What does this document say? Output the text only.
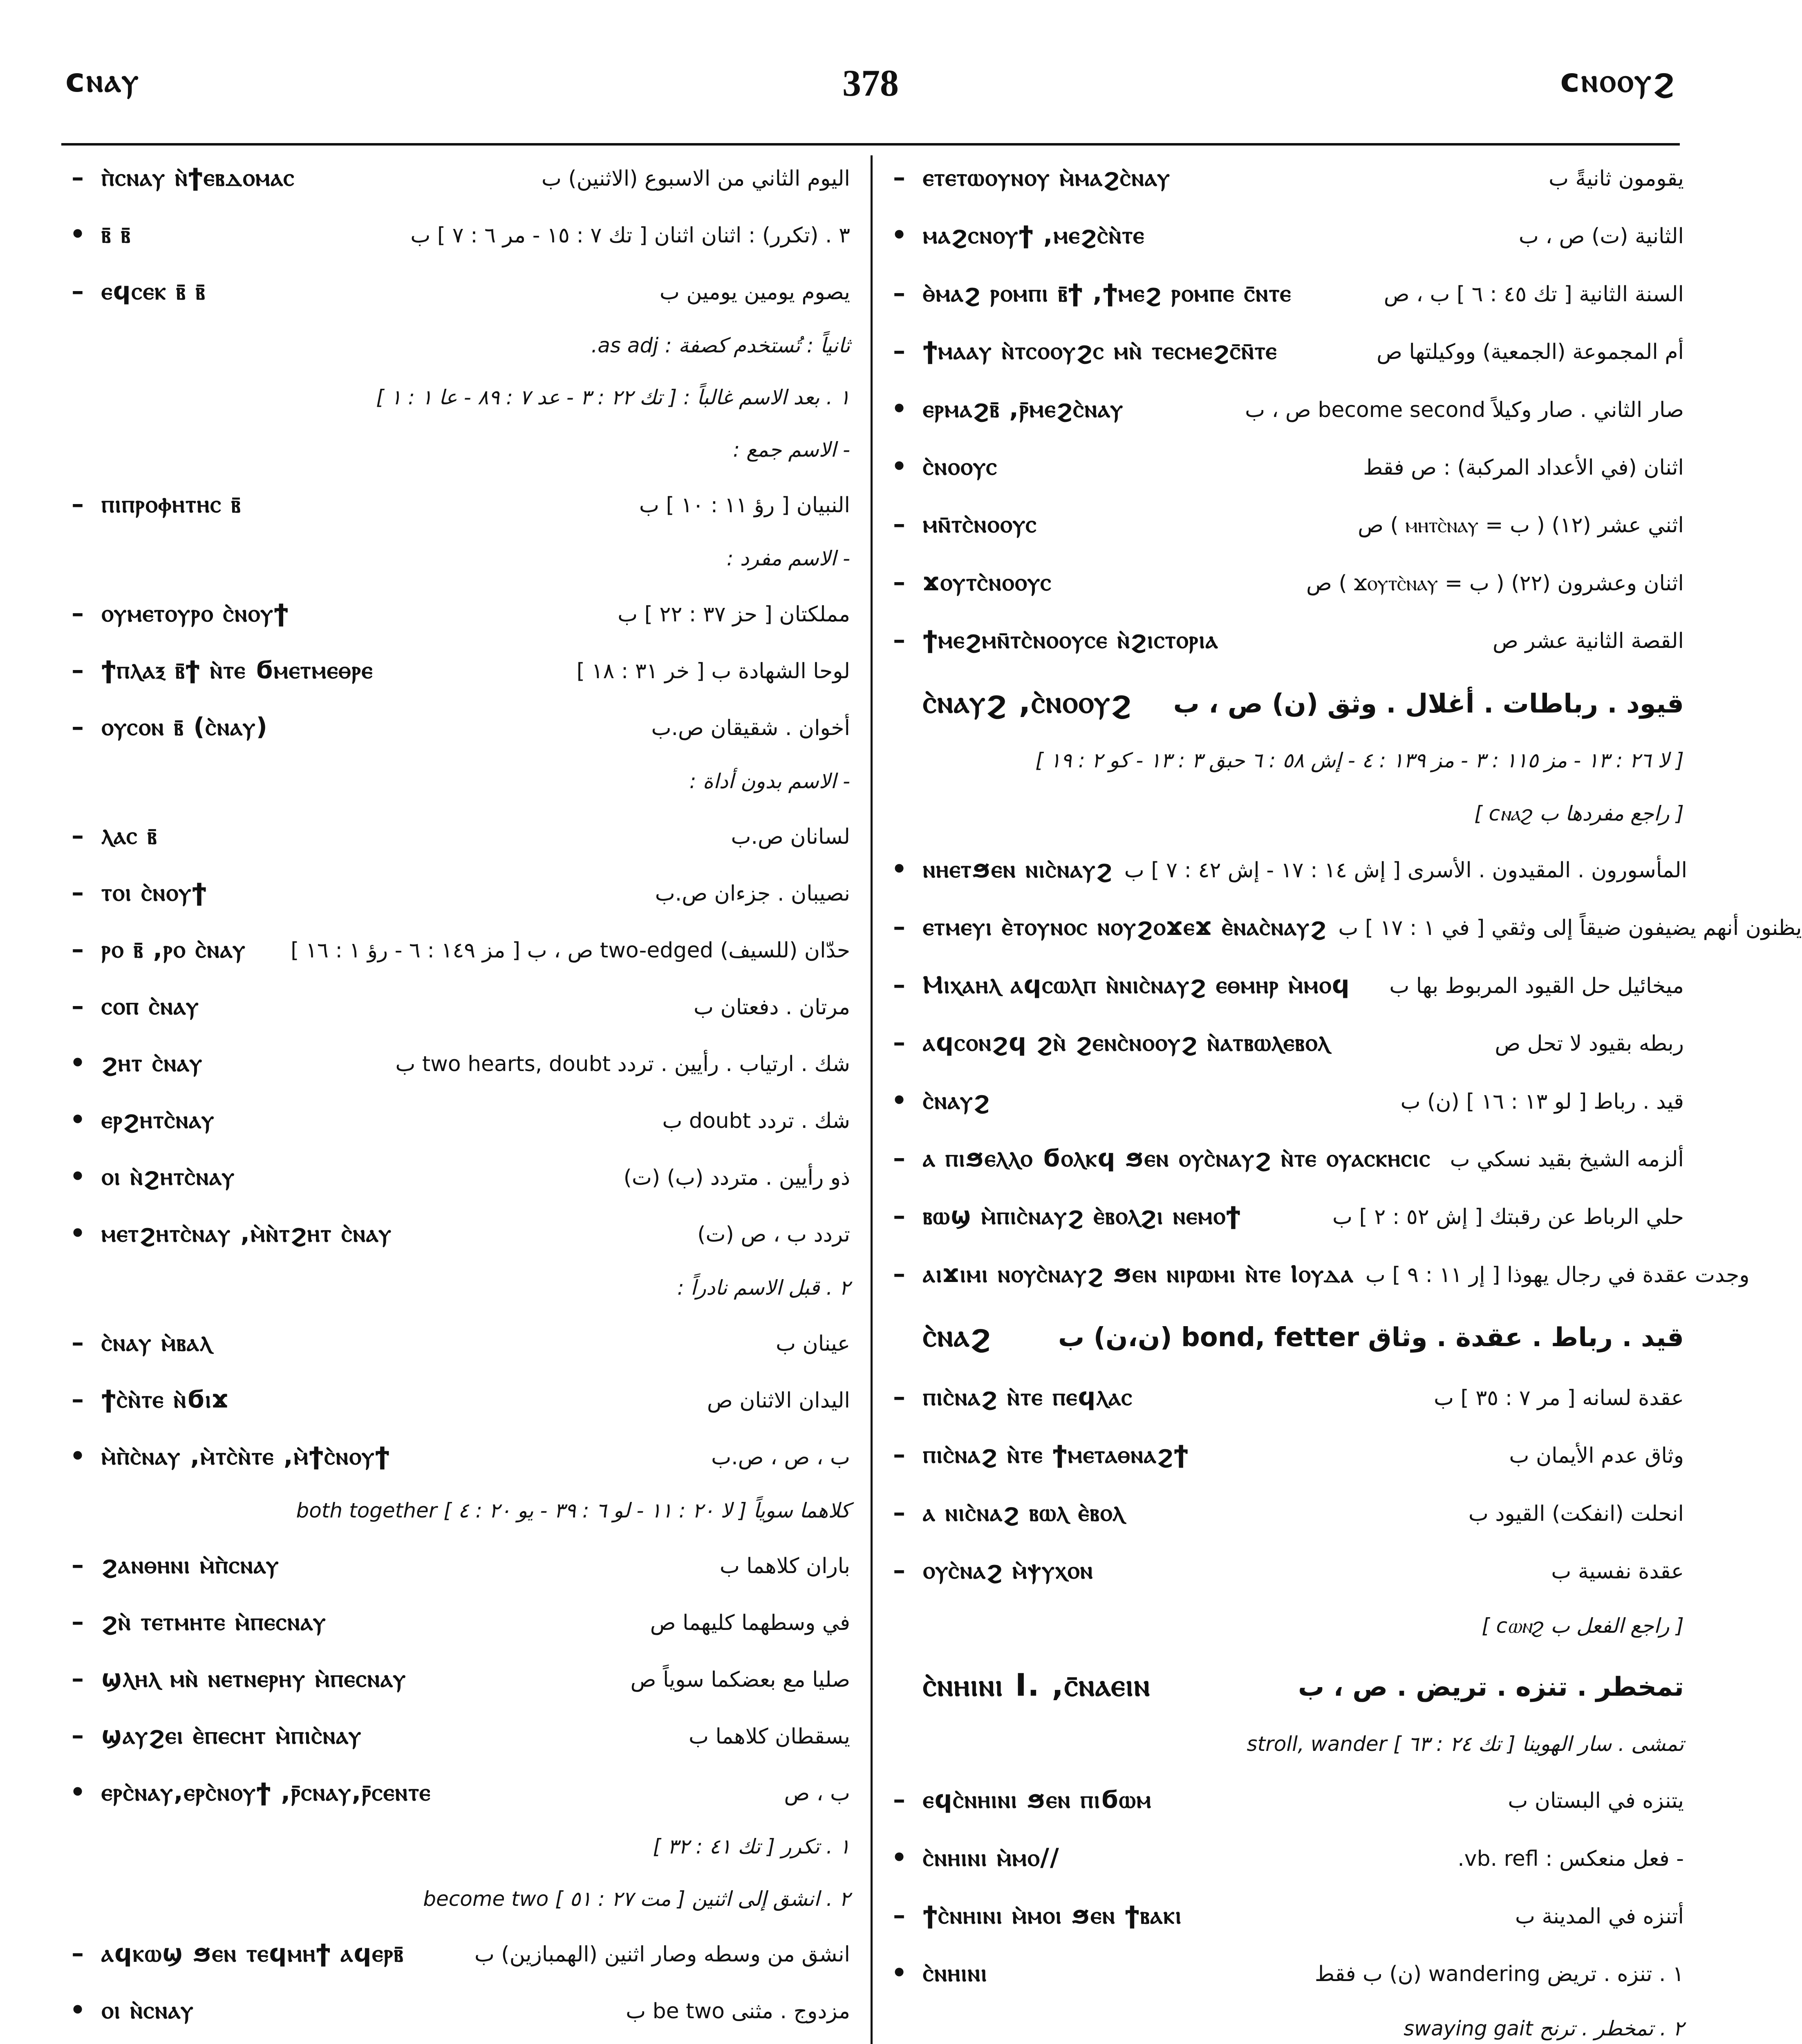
ϲⲛⲁⲩ	378	ϲⲛⲟⲟⲩϩ
– ⲡ̀ⲥⲛⲁⲩ ⲛ̀ϯⲉⲃⲇⲟⲙⲁⲥ	اليوم الثاني من الاسبوع (الاثنين) ب
• ⲃ̄ ⲃ̄	٣ . (تكرر) : اثنان اثنان [ تك ٧ : ١٥ - مر ٦ : ٧ ] ب
– ⲉϥⲥⲉⲕ ⲃ̄ ⲃ̄	يصوم يومين يومين ب
ثانياً : تُستخدم كصفة : as adj.
١ . بعد الاسم غالباً : [ تك ٢٢ : ٣ - عد ٧ : ٨٩ - عا ١ : ١ ]
- الاسم جمع :
– ⲡⲓⲡⲣⲟⲫⲏⲧⲏⲥ ⲃ̄	النبيان [ رؤ ١١ : ١٠ ] ب
- الاسم مفرد :
– ⲟⲩⲙⲉⲧⲟⲩⲣⲟ ⲥ̀ⲛⲟⲩϯ	مملكتان [ حز ٣٧ : ٢٢ ] ب
– ϯⲡⲗⲁⲝ ⲃ̄ϯ ⲛ̀ⲧⲉ ϭⲙⲉⲧⲙⲉⲑⲣⲉ	لوحا الشهادة ب [ خر ٣١ : ١٨ ]
– ⲟⲩⲥⲟⲛ ⲃ̄ (ⲥ̀ⲛⲁⲩ)	أخوان . شقيقان ص.ب
- الاسم بدون أداة :
– ⲗⲁⲥ ⲃ̄	لسانان ص.ب
– ⲧⲟⲓ ⲥ̀ⲛⲟⲩϯ	نصيبان . جزءان ص.ب
– ⲣⲟ ⲃ̄ ,ⲣⲟ ⲥ̀ⲛⲁⲩ	حدّان (للسيف) two-edged ص ، ب [ مز ١٤٩ : ٦ - رؤ ١ : ١٦ ]
– ⲥⲟⲡ ⲥ̀ⲛⲁⲩ	مرتان . دفعتان ب
• ϩⲏⲧ ⲥ̀ⲛⲁⲩ	شك . ارتياب . رأيين . تردد two hearts, doubt ب
• ⲉⲣϩⲏⲧⲥ̀ⲛⲁⲩ	شك . تردد doubt ب
• ⲟⲓ ⲛ̀ϩⲏⲧⲥ̀ⲛⲁⲩ	ذو رأيين . متردد (ب) (ت)
• ⲙⲉⲧϩⲏⲧⲥ̀ⲛⲁⲩ ,ⲙ̀ⲛ̀ⲧϩⲏⲧ ⲥ̀ⲛⲁⲩ	تردد ب ، ص (ت)
٢ . قبل الاسم نادراً :
– ⲥ̀ⲛⲁⲩ ⲙ̀ⲃⲁⲗ	عينان ب
– ϯⲥ̀ⲛ̀ⲧⲉ ⲛ̀ϭⲓϫ	اليدان الاثنان ص
• ⲙ̀ⲡ̀ⲥ̀ⲛⲁⲩ ,ⲙ̀ⲧⲥ̀ⲛ̀ⲧⲉ ,ⲙ̀ϯⲥ̀ⲛⲟⲩϯ	ب ، ص ، ص.ب
كلاهما سوياً [ لا ٢٠ : ١١ - لو ٦ : ٣٩ - يو ٢٠ : ٤ ] both together
– ϩⲁⲛⲑⲏⲛⲓ ⲙ̀ⲡ̀ⲥⲛⲁⲩ	باران كلاهما ب
– ϩⲛ̀ ⲧⲉⲧⲙⲏⲧⲉ ⲙ̀ⲡⲉⲥⲛⲁⲩ	في وسطهما كليهما ص
– ϣⲗⲏⲗ ⲙⲛ̀ ⲛⲉⲧⲛⲉⲣⲏⲩ ⲙ̀ⲡⲉⲥⲛⲁⲩ	صليا مع بعضكما سوياً ص
– ϣⲁⲩϩⲉⲓ ⲉ̀ⲡⲉⲥⲏⲧ ⲙ̀ⲡⲓⲥ̀ⲛⲁⲩ	يسقطان كلاهما ب
• ⲉⲣⲥ̀ⲛⲁⲩ,ⲉⲣⲥ̀ⲛⲟⲩϯ ,ⲣ̄ⲥⲛⲁⲩ,ⲣ̄ⲥⲉⲛⲧⲉ	ب ، ص
١ . تكرر [ تك ٤١ : ٣٢ ]
٢ . انشق إلى اثنين [ مت ٢٧ : ٥١ ] become two
– ⲁϥⲕⲱϣ ϧⲉⲛ ⲧⲉϥⲙⲏϯ ⲁϥⲉⲣⲃ̄	انشق من وسطه وصار اثنين (الهمبازين) ب
• ⲟⲓ ⲛ̀ⲥⲛⲁⲩ	مزدوج . مثنى be two ب
– ⲉⲧⲉⲧⲱⲟⲩⲛⲟⲩ ⲙ̀ⲙⲁϩⲥ̀ⲛⲁⲩ	يقومون ثانيةً ب
• ⲙⲁϩⲥⲛⲟⲩϯ ,ⲙⲉϩⲥ̀ⲛ̀ⲧⲉ	الثانية (ت) ص ، ب
– ⲑ̀ⲙⲁϩ ⲣⲟⲙⲡⲓ ⲃ̄ϯ ,ϯⲙⲉϩ ⲣⲟⲙⲡⲉ ⲥ̄ⲛⲧⲉ	السنة الثانية [ تك ٤٥ : ٦ ] ب ، ص
– ϯⲙⲁⲁⲩ ⲛ̀ⲧⲥⲟⲟⲩϩⲥ ⲙⲛ̀ ⲧⲉⲥⲙⲉϩⲥ̄ⲛ̄ⲧⲉ	أم المجموعة (الجمعية) ووكيلتها ص
• ⲉⲣⲙⲁϩⲃ̄ ,ⲣ̄ⲙⲉϩⲥ̀ⲛⲁⲩ	صار الثاني . صار وكيلاً become second ص ، ب
• ⲥ̀ⲛⲟⲟⲩⲥ	اثنان (في الأعداد المركبة) : ص فقط
– ⲙⲛ̄ⲧⲥ̀ⲛⲟⲟⲩⲥ	اثني عشر (١٢) ( ب = ⲙⲏⲧⲥ̀ⲛⲁⲩ ) ص
– ϫⲟⲩⲧⲥ̀ⲛⲟⲟⲩⲥ	اثنان وعشرون (٢٢) ( ب = ϫⲟⲩⲧⲥ̀ⲛⲁⲩ ) ص
– ϯⲙⲉϩⲙⲛ̄ⲧⲥ̀ⲛⲟⲟⲩⲥⲉ ⲛ̀ϩⲓⲥⲧⲟⲣⲓⲁ	القصة الثانية عشر ص
ⲥ̀ⲛⲁⲩϩ ,ⲥ̀ⲛⲟⲟⲩϩ	قيود . رباطات . أغلال . وثق (ن) ص ، ب
[ لا ٢٦ : ١٣ - مز ١١٥ : ٣ - مز ١٣٩ : ٤ - إش ٥٨ : ٦ حبق ٣ : ١٣ - كو ٢ : ١٩ ]
[ راجع مفردها ب ϲⲛⲁϩ ]
• ⲛⲏⲉⲧϧⲉⲛ ⲛⲓⲥ̀ⲛⲁⲩϩ المأسورون . المقيدون . الأسرى [ إش ١٤ : ١٧ - إش ٤٢ : ٧ ] ب
– ⲉⲧⲙⲉⲩⲓ ⲉ̀ⲧⲟⲩⲛⲟⲥ ⲛⲟⲩϩⲟϫⲉϫ ⲉ̀ⲛⲁⲥ̀ⲛⲁⲩϩ يظنون أنهم يضيفون ضيقاً إلى وثقي [ في ١ : ١٧ ] ب
– Ⲙⲓⲭⲁⲏⲗ ⲁϥⲥⲱⲗⲡ ⲛ̀ⲛⲓⲥ̀ⲛⲁⲩϩ ⲉⲑⲙⲏⲣ ⲙ̀ⲙⲟϥ	ميخائيل حل القيود المربوط بها ب
– ⲁϥⲥⲟⲛϩϥ ϩⲛ̀ ϩⲉⲛⲥ̀ⲛⲟⲟⲩϩ ⲛ̀ⲁⲧⲃⲱⲗⲉⲃⲟⲗ	ربطه بقيود لا تحل ص
• ⲥ̀ⲛⲁⲩϩ	قيد . رباط [ لو ١٣ : ١٦ ] (ن) ب
– ⲁ ⲡⲓϧⲉⲗⲗⲟ ϭⲟⲗⲕϥ ϧⲉⲛ ⲟⲩⲥ̀ⲛⲁⲩϩ ⲛ̀ⲧⲉ ⲟⲩⲁⲥⲕⲏⲥⲓⲥ ألزمه الشيخ بقيد نسكي ب
– ⲃⲱϣ ⲙ̀ⲡⲓⲥ̀ⲛⲁⲩϩ ⲉ̀ⲃⲟⲗϩⲓ ⲛⲉⲙⲟϯ	حلي الرباط عن رقبتك [ إش ٥٢ : ٢ ] ب
– ⲁⲓϫⲓⲙⲓ ⲛⲟⲩⲥ̀ⲛⲁⲩϩ ϧⲉⲛ ⲛⲓⲣⲱⲙⲓ ⲛ̀ⲧⲉ Ⲓⲟⲩⲇⲁ وجدت عقدة في رجال يهوذا [ إر ١١ : ٩ ] ب
ⲥ̀ⲛⲁϩ	قيد . رباط . عقدة . وثاق bond, fetter (ن،ن) ب
– ⲡⲓⲥ̀ⲛⲁϩ ⲛ̀ⲧⲉ ⲡⲉϥⲗⲁⲥ	عقدة لسانه [ مر ٧ : ٣٥ ] ب
– ⲡⲓⲥ̀ⲛⲁϩ ⲛ̀ⲧⲉ ϯⲙⲉⲧⲁⲑⲛⲁϩϯ	وثاق عدم الأيمان ب
– ⲁ ⲛⲓⲥ̀ⲛⲁϩ ⲃⲱⲗ ⲉ̀ⲃⲟⲗ	انحلت (انفكت) القيود ب
– ⲟⲩⲥ̀ⲛⲁϩ ⲙ̀ⲯⲩⲭⲟⲛ	عقدة نفسية ب
[ راجع الفعل ب ϲⲱⲛϩ ]
ⲥ̀ⲛⲏⲓⲛⲓ I. ,ⲥ̄ⲛⲁⲉⲓⲛ	تمخطر . تنزه . تريض . ص ، ب
تمشى . سار الهوينا [ تك ٢٤ : ٦٣ ] stroll, wander
– ⲉϥⲥ̀ⲛⲏⲓⲛⲓ ϧⲉⲛ ⲡⲓϭⲱⲙ	يتنزه في البستان ب
• ⲥ̀ⲛⲏⲓⲛⲓ ⲙ̀ⲙⲟ//	- فعل منعكس : vb. refl.
– ϯⲥ̀ⲛⲏⲓⲛⲓ ⲙ̀ⲙⲟⲓ ϧⲉⲛ ϯⲃⲁⲕⲓ	أتنزه في المدينة ب
• ⲥ̀ⲛⲏⲓⲛⲓ	١ . تنزه . تريض wandering (ن) ب فقط
٢ . تمخطر . ترنح swaying gait
